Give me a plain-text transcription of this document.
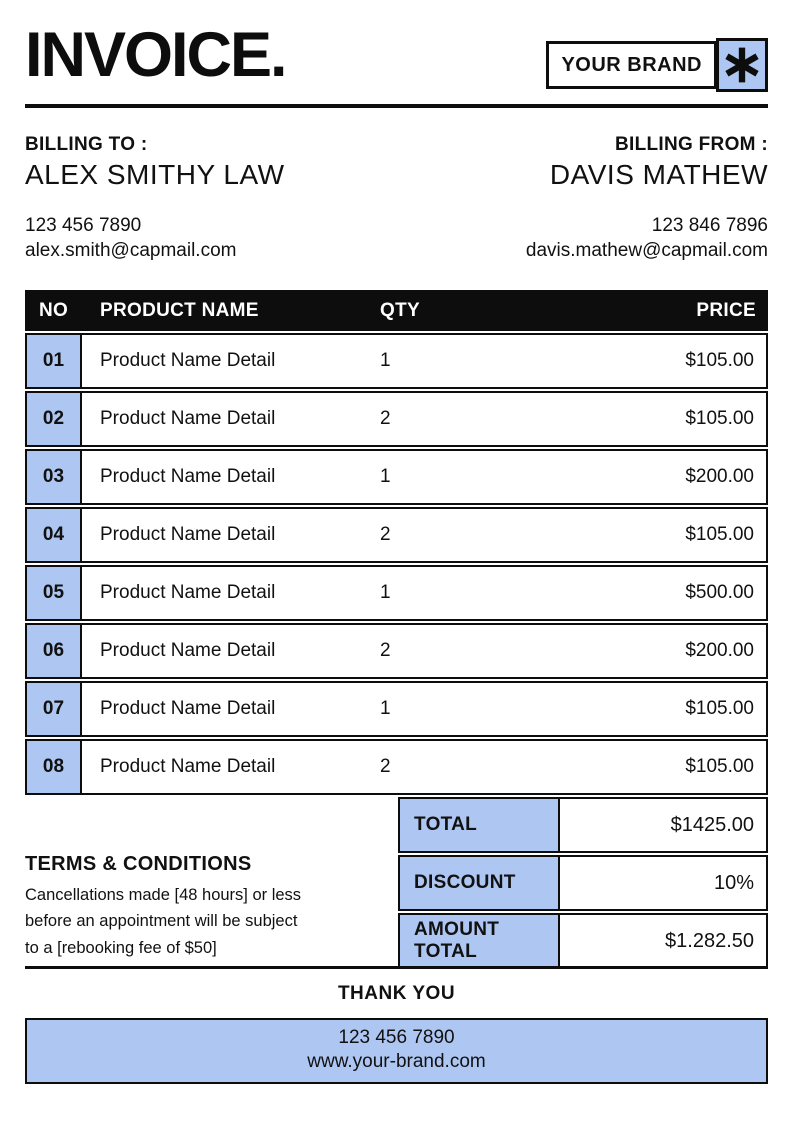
INVOICE.	YOUR BRAND
BILLING TO :
ALEX SMITHY LAW
123 456 7890
alex.smith@capmail.com
BILLING FROM :
DAVIS MATHEW
123 846 7896
davis.mathew@capmail.com
NO	PRODUCT NAME	QTY	PRICE
01	Product Name Detail	1	$105.00
02	Product Name Detail	2	$105.00
03	Product Name Detail	1	$200.00
04	Product Name Detail	2	$105.00
05	Product Name Detail	1	$500.00
06	Product Name Detail	2	$200.00
07	Product Name Detail	1	$105.00
08	Product Name Detail	2	$105.00
TERMS & CONDITIONS
Cancellations made [48 hours] or less
before an appointment will be subject
to a [rebooking fee of $50]
TOTAL	$1425.00
DISCOUNT	10%
AMOUNT TOTAL	$1.282.50
THANK YOU
123 456 7890
www.your-brand.com
